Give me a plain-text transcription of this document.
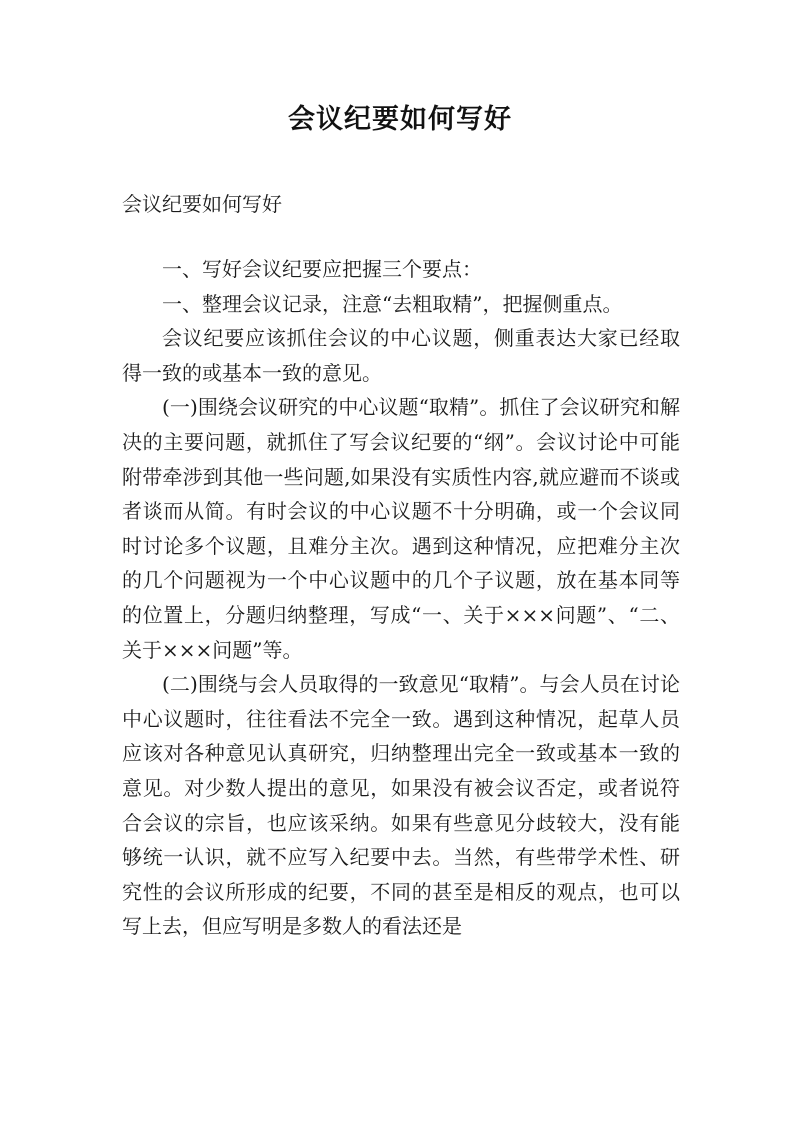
会议纪要如何写好
会议纪要如何写好

一、写好会议纪要应把握三个要点：

一、整理会议记录，注意“去粗取精”，把握侧重点。

会议纪要应该抓住会议的中心议题，侧重表达大家已经取得一致的或基本一致的意见。

(一)围绕会议研究的中心议题“取精”。抓住了会议研究和解决的主要问题，就抓住了写会议纪要的“纲”。会议讨论中可能附带牵涉到其他一些问题,如果没有实质性内容,就应避而不谈或者谈而从简。有时会议的中心议题不十分明确，或一个会议同时讨论多个议题，且难分主次。遇到这种情况，应把难分主次的几个问题视为一个中心议题中的几个子议题，放在基本同等的位置上，分题归纳整理，写成“一、关于×××问题”、“二、关于×××问题”等。

(二)围绕与会人员取得的一致意见“取精”。与会人员在讨论中心议题时，往往看法不完全一致。遇到这种情况，起草人员应该对各种意见认真研究，归纳整理出完全一致或基本一致的意见。对少数人提出的意见，如果没有被会议否定，或者说符合会议的宗旨，也应该采纳。如果有些意见分歧较大，没有能够统一认识，就不应写入纪要中去。当然，有些带学术性、研究性的会议所形成的纪要，不同的甚至是相反的观点，也可以写上去，但应写明是多数人的看法还是
